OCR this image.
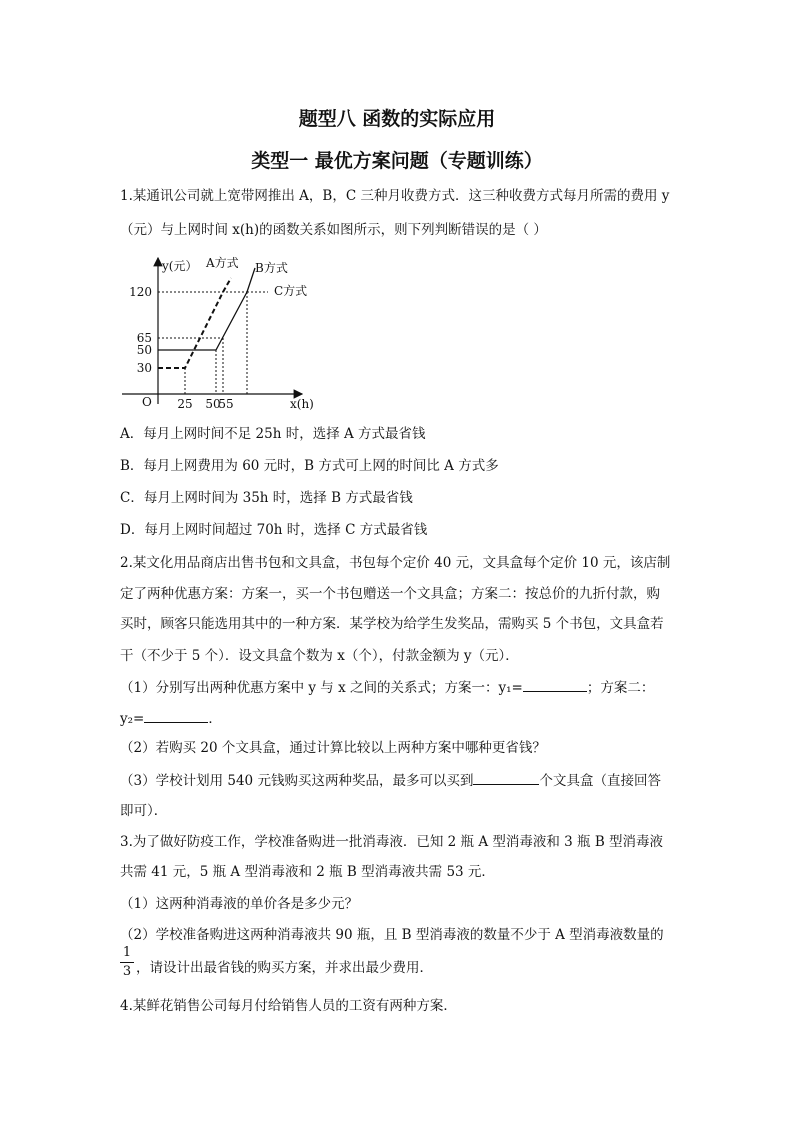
题型八 函数的实际应用
类型一 最优方案问题（专题训练）
1.某通讯公司就上宽带网推出 A，B，C 三种月收费方式．这三种收费方式每月所需的费用 y
（元）与上网时间 x(h)的函数关系如图所示，则下列判断错误的是（ ）
y(元）
x(h)
O
120
65
50
30
25 50
55
A方式 B方式
C方式
A．每月上网时间不足 25h 时，选择 A 方式最省钱
B．每月上网费用为 60 元时，B 方式可上网的时间比 A 方式多
C．每月上网时间为 35h 时，选择 B 方式最省钱
D．每月上网时间超过 70h 时，选择 C 方式最省钱
2.某文化用品商店出售书包和文具盒，书包每个定价 40 元，文具盒每个定价 10 元，该店制
定了两种优惠方案：方案一，买一个书包赠送一个文具盒；方案二：按总价的九折付款，购
买时，顾客只能选用其中的一种方案．某学校为给学生发奖品，需购买 5 个书包，文具盒若
干（不少于 5 个）．设文具盒个数为 x（个），付款金额为 y（元）．
（1）分别写出两种优惠方案中 y 与 x 之间的关系式；方案一：y₁=	；方案二：
y₂=	．
（2）若购买 20 个文具盒，通过计算比较以上两种方案中哪种更省钱？
（3）学校计划用 540 元钱购买这两种奖品，最多可以买到	个文具盒（直接回答
即可）．
3.为了做好防疫工作，学校准备购进一批消毒液．已知 2 瓶 A 型消毒液和 3 瓶 B 型消毒液
共需 41 元，5 瓶 A 型消毒液和 2 瓶 B 型消毒液共需 53 元．
（1）这两种消毒液的单价各是多少元？
（2）学校准备购进这两种消毒液共 90 瓶，且 B 型消毒液的数量不少于 A 型消毒液数量的
1
3 ，请设计出最省钱的购买方案，并求出最少费用．
4.某鲜花销售公司每月付给销售人员的工资有两种方案．
